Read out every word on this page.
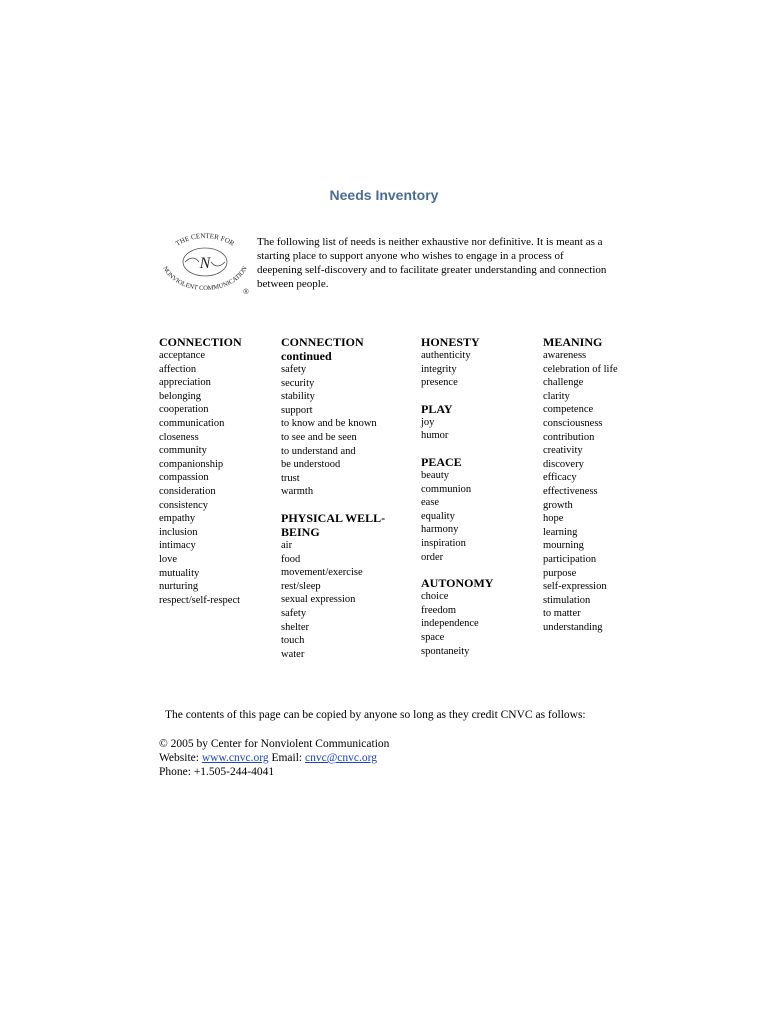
Needs Inventory
THE CENTER FOR
NONVIOLENT COMMUNICATION
N
®
The following list of needs is neither exhaustive nor definitive. It is meant as a starting place to support anyone who wishes to engage in a process of deepening self-discovery and to facilitate greater understanding and connection between people.
CONNECTION
acceptance
affection
appreciation
belonging
cooperation
communication
closeness
community
companionship
compassion
consideration
consistency
empathy
inclusion
intimacy
love
mutuality
nurturing
respect/self-respect
CONNECTION continued
safety
security
stability
support
to know and be known
to see and be seen
to understand and
be understood
trust
warmth
PHYSICAL WELL-BEING
air
food
movement/exercise
rest/sleep
sexual expression
safety
shelter
touch
water
HONESTY
authenticity
integrity
presence
PLAY
joy
humor
PEACE
beauty
communion
ease
equality
harmony
inspiration
order
AUTONOMY
choice
freedom
independence
space
spontaneity
MEANING
awareness
celebration of life
challenge
clarity
competence
consciousness
contribution
creativity
discovery
efficacy
effectiveness
growth
hope
learning
mourning
participation
purpose
self-expression
stimulation
to matter
understanding
The contents of this page can be copied by anyone so long as they credit CNVC as follows:
© 2005 by Center for Nonviolent Communication
Website: www.cnvc.org Email: cnvc@cnvc.org
Phone: +1.505-244-4041
